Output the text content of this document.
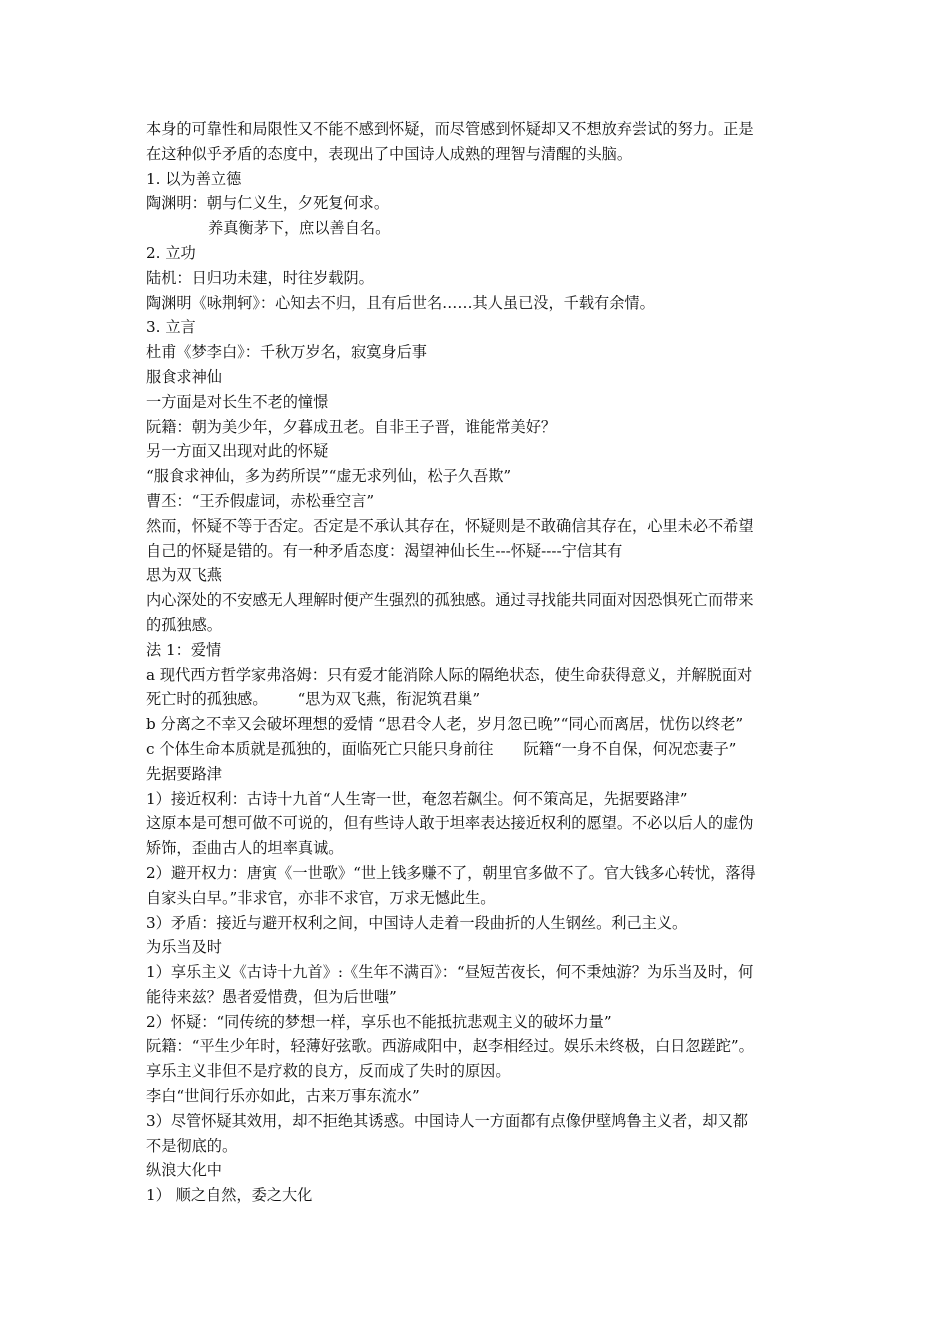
本身的可靠性和局限性又不能不感到怀疑，而尽管感到怀疑却又不想放弃尝试的努力。正是
在这种似乎矛盾的态度中，表现出了中国诗人成熟的理智与清醒的头脑。
1. 以为善立德
陶渊明：朝与仁义生，夕死复何求。
养真衡茅下，庶以善自名。
2. 立功
陆机：日归功未建，时往岁载阴。
陶渊明《咏荆轲》：心知去不归，且有后世名……其人虽已没，千载有余情。
3. 立言
杜甫《梦李白》：千秋万岁名，寂寞身后事
服食求神仙
一方面是对长生不老的憧憬
阮籍：朝为美少年，夕暮成丑老。自非王子晋，谁能常美好？
另一方面又出现对此的怀疑
“服食求神仙，多为药所误”“虚无求列仙，松子久吾欺”
曹丕：“王乔假虚词，赤松垂空言”
然而，怀疑不等于否定。否定是不承认其存在，怀疑则是不敢确信其存在，心里未必不希望
自己的怀疑是错的。有一种矛盾态度：渴望神仙长生---怀疑----宁信其有
思为双飞燕
内心深处的不安感无人理解时便产生强烈的孤独感。通过寻找能共同面对因恐惧死亡而带来
的孤独感。
法 1：爱情
a 现代西方哲学家弗洛姆：只有爱才能消除人际的隔绝状态，使生命获得意义，并解脱面对
死亡时的孤独感。 “思为双飞燕，衔泥筑君巢”
b 分离之不幸又会破坏理想的爱情 “思君令人老，岁月忽已晚”“同心而离居，忧伤以终老”
c 个体生命本质就是孤独的，面临死亡只能只身前往 阮籍“一身不自保，何况恋妻子”
先据要路津
1）接近权利：古诗十九首“人生寄一世，奄忽若飙尘。何不策高足，先据要路津”
这原本是可想可做不可说的，但有些诗人敢于坦率表达接近权利的愿望。不必以后人的虚伪
矫饰，歪曲古人的坦率真诚。
2）避开权力：唐寅《一世歌》“世上钱多赚不了，朝里官多做不了。官大钱多心转忧，落得
自家头白早。”非求官，亦非不求官，万求无憾此生。
3）矛盾：接近与避开权利之间，中国诗人走着一段曲折的人生钢丝。利己主义。
为乐当及时
1）享乐主义《古诗十九首》:《生年不满百》：“昼短苦夜长，何不秉烛游？为乐当及时，何
能待来兹？愚者爱惜费，但为后世嗤”
2）怀疑：“同传统的梦想一样，享乐也不能抵抗悲观主义的破坏力量”
阮籍：“平生少年时，轻薄好弦歌。西游咸阳中，赵李相经过。娱乐未终极，白日忽蹉跎”。
享乐主义非但不是疗救的良方，反而成了失时的原因。
李白“世间行乐亦如此，古来万事东流水”
3）尽管怀疑其效用，却不拒绝其诱惑。中国诗人一方面都有点像伊壁鸠鲁主义者，却又都
不是彻底的。
纵浪大化中
1） 顺之自然，委之大化
